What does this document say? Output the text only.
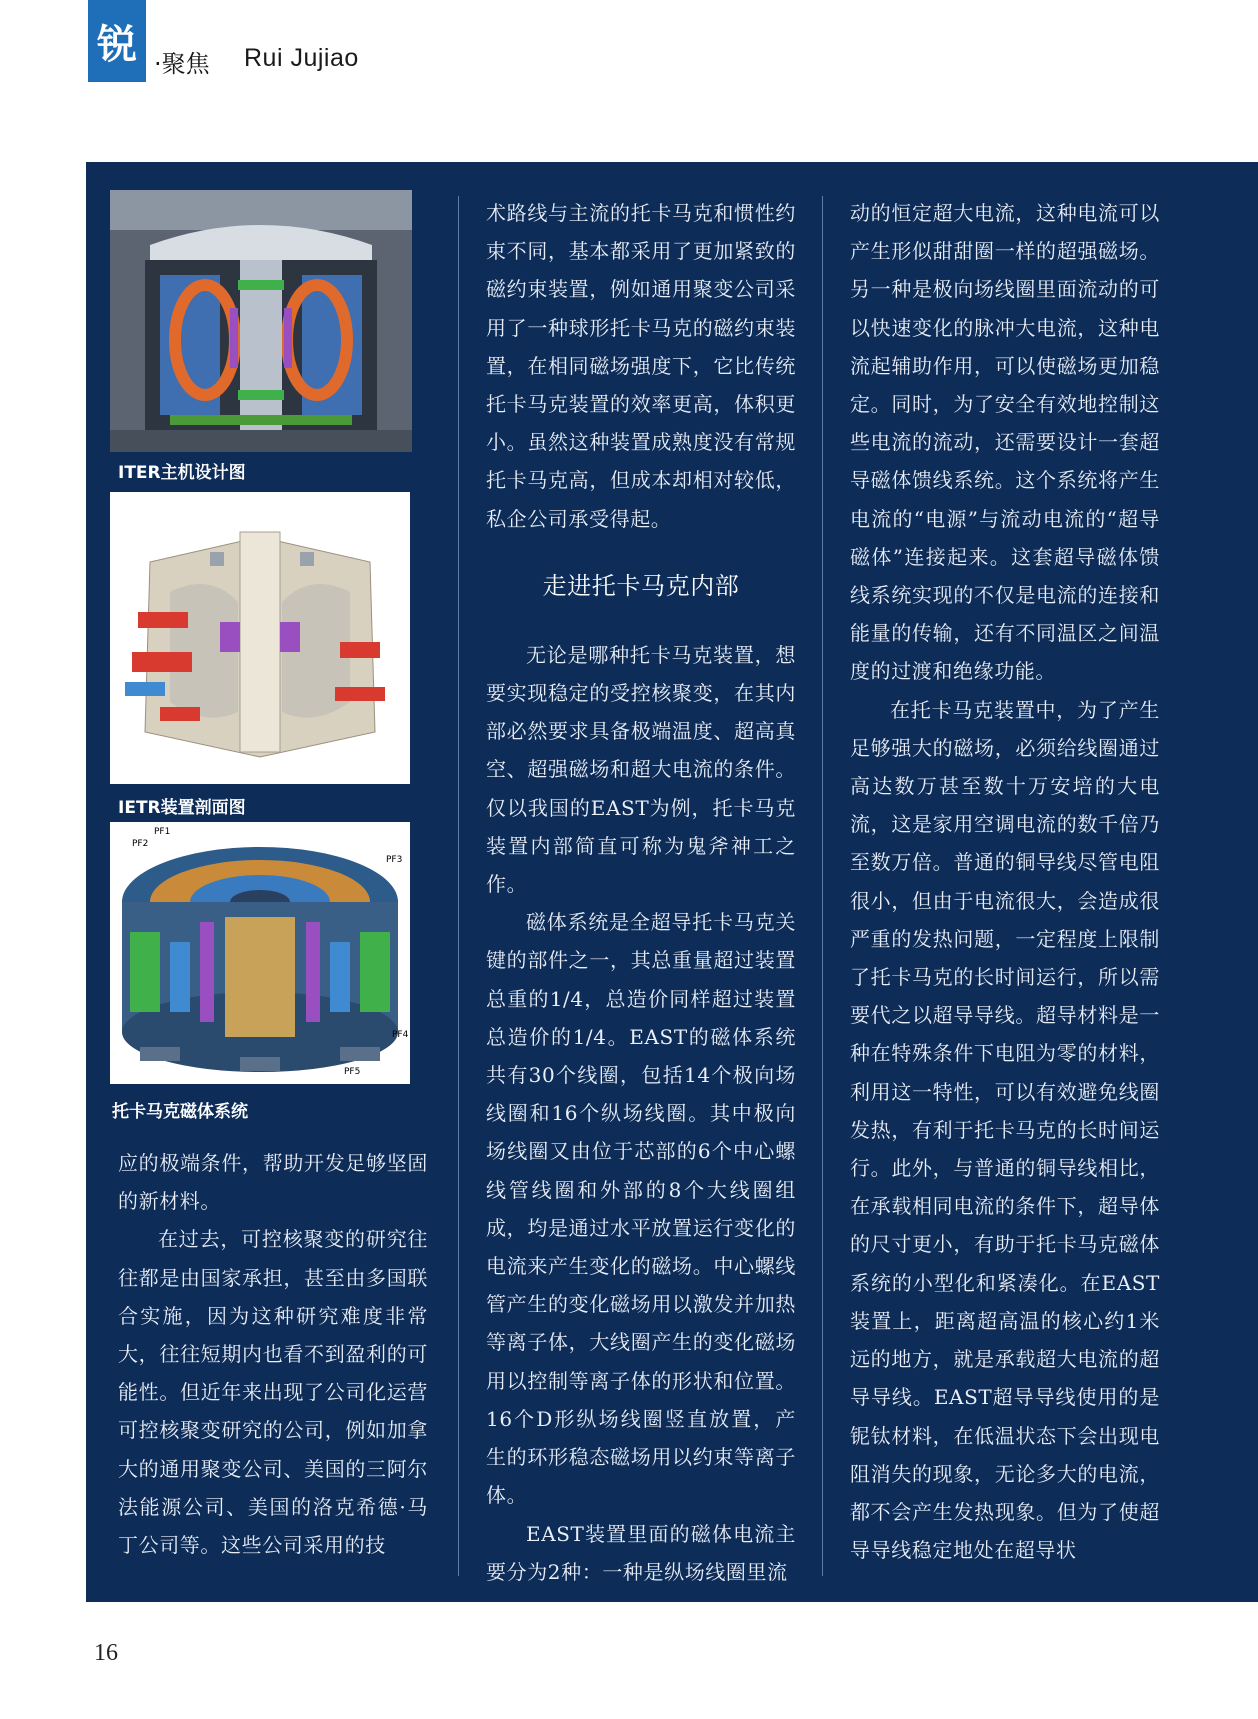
锐 ·聚焦 Rui Jujiao
ITER主机设计图
IETR装置剖面图
PF1
PF2
PF3
PF4
PF5
托卡马克磁体系统

应的极端条件，帮助开发足够坚固的新材料。

在过去，可控核聚变的研究往往都是由国家承担，甚至由多国联合实施，因为这种研究难度非常大，往往短期内也看不到盈利的可能性。但近年来出现了公司化运营可控核聚变研究的公司，例如加拿大的通用聚变公司、美国的三阿尔法能源公司、美国的洛克希德·马丁公司等。这些公司采用的技

术路线与主流的托卡马克和惯性约束不同，基本都采用了更加紧致的磁约束装置，例如通用聚变公司采用了一种球形托卡马克的磁约束装置，在相同磁场强度下，它比传统托卡马克装置的效率更高，体积更小。虽然这种装置成熟度没有常规托卡马克高，但成本却相对较低，私企公司承受得起。

走进托卡马克内部

无论是哪种托卡马克装置，想要实现稳定的受控核聚变，在其内部必然要求具备极端温度、超高真空、超强磁场和超大电流的条件。仅以我国的EAST为例，托卡马克装置内部简直可称为鬼斧神工之作。

磁体系统是全超导托卡马克关键的部件之一，其总重量超过装置总重的1/4，总造价同样超过装置总造价的1/4。EAST的磁体系统共有30个线圈，包括14个极向场线圈和16个纵场线圈。其中极向场线圈又由位于芯部的6个中心螺线管线圈和外部的8个大线圈组成，均是通过水平放置运行变化的电流来产生变化的磁场。中心螺线管产生的变化磁场用以激发并加热等离子体，大线圈产生的变化磁场用以控制等离子体的形状和位置。16个D形纵场线圈竖直放置，产生的环形稳态磁场用以约束等离子体。

EAST装置里面的磁体电流主要分为2种：一种是纵场线圈里流

动的恒定超大电流，这种电流可以产生形似甜甜圈一样的超强磁场。另一种是极向场线圈里面流动的可以快速变化的脉冲大电流，这种电流起辅助作用，可以使磁场更加稳定。同时，为了安全有效地控制这些电流的流动，还需要设计一套超导磁体馈线系统。这个系统将产生电流的“电源”与流动电流的“超导磁体”连接起来。这套超导磁体馈线系统实现的不仅是电流的连接和能量的传输，还有不同温区之间温度的过渡和绝缘功能。

在托卡马克装置中，为了产生足够强大的磁场，必须给线圈通过高达数万甚至数十万安培的大电流，这是家用空调电流的数千倍乃至数万倍。普通的铜导线尽管电阻很小，但由于电流很大，会造成很严重的发热问题，一定程度上限制了托卡马克的长时间运行，所以需要代之以超导导线。超导材料是一种在特殊条件下电阻为零的材料，利用这一特性，可以有效避免线圈发热，有利于托卡马克的长时间运行。此外，与普通的铜导线相比，在承载相同电流的条件下，超导体的尺寸更小，有助于托卡马克磁体系统的小型化和紧凑化。在EAST装置上，距离超高温的核心约1米远的地方，就是承载超大电流的超导导线。EAST超导导线使用的是铌钛材料，在低温状态下会出现电阻消失的现象，无论多大的电流，都不会产生发热现象。但为了使超导导线稳定地处在超导状

16
